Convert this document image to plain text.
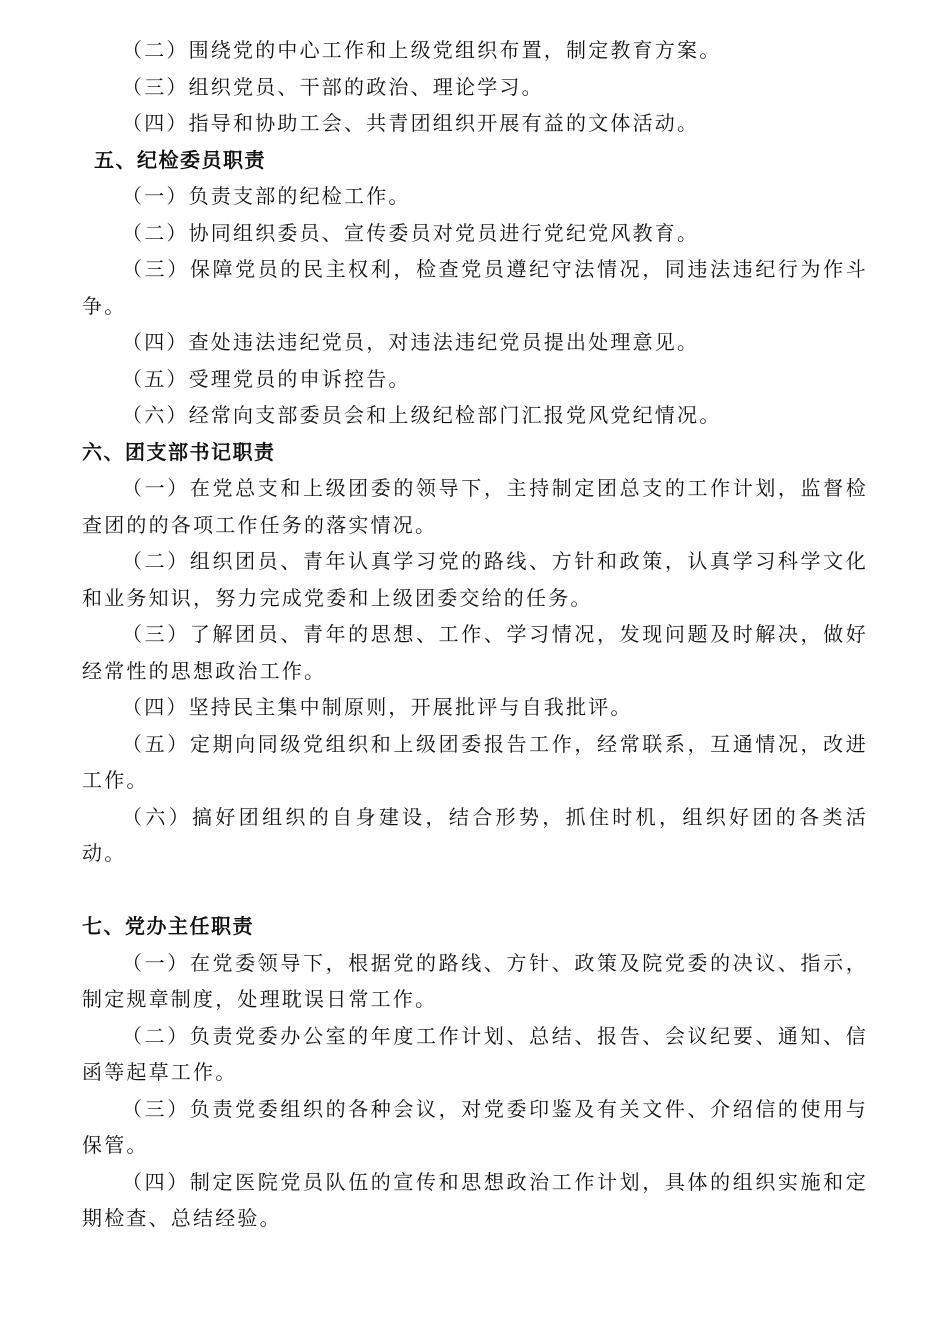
（二）围绕党的中心工作和上级党组织布置，制定教育方案。

（三）组织党员、干部的政治、理论学习。

（四）指导和协助工会、共青团组织开展有益的文体活动。

五、纪检委员职责

（一）负责支部的纪检工作。

（二）协同组织委员、宣传委员对党员进行党纪党风教育。

（三）保障党员的民主权利，检查党员遵纪守法情况，同违法违纪行为作斗争。

（四）查处违法违纪党员，对违法违纪党员提出处理意见。

（五）受理党员的申诉控告。

（六）经常向支部委员会和上级纪检部门汇报党风党纪情况。

六、团支部书记职责

（一）在党总支和上级团委的领导下，主持制定团总支的工作计划，监督检查团的的各项工作任务的落实情况。

（二）组织团员、青年认真学习党的路线、方针和政策，认真学习科学文化和业务知识，努力完成党委和上级团委交给的任务。

（三）了解团员、青年的思想、工作、学习情况，发现问题及时解决，做好经常性的思想政治工作。

（四）坚持民主集中制原则，开展批评与自我批评。

（五）定期向同级党组织和上级团委报告工作，经常联系，互通情况，改进工作。

（六）搞好团组织的自身建设，结合形势，抓住时机，组织好团的各类活动。

七、党办主任职责

（一）在党委领导下，根据党的路线、方针、政策及院党委的决议、指示，制定规章制度，处理耽误日常工作。

（二）负责党委办公室的年度工作计划、总结、报告、会议纪要、通知、信函等起草工作。

（三）负责党委组织的各种会议，对党委印鉴及有关文件、介绍信的使用与保管。

（四）制定医院党员队伍的宣传和思想政治工作计划，具体的组织实施和定期检查、总结经验。
